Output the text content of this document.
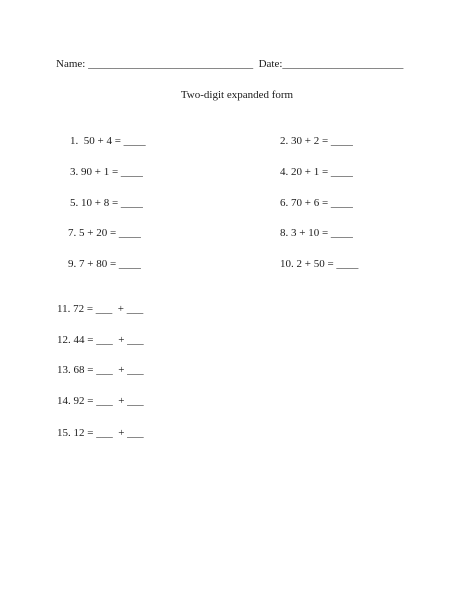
Name: ______________________________  Date:______________________
Two-digit expanded form
1.  50 + 4 = ____
3. 90 + 1 = ____
5. 10 + 8 = ____
7. 5 + 20 = ____
9. 7 + 80 = ____
2. 30 + 2 = ____
4. 20 + 1 = ____
6. 70 + 6 = ____
8. 3 + 10 = ____
10. 2 + 50 = ____
11. 72 = ___  + ___
12. 44 = ___  + ___
13. 68 = ___  + ___
14. 92 = ___  + ___
15. 12 = ___  + ___
